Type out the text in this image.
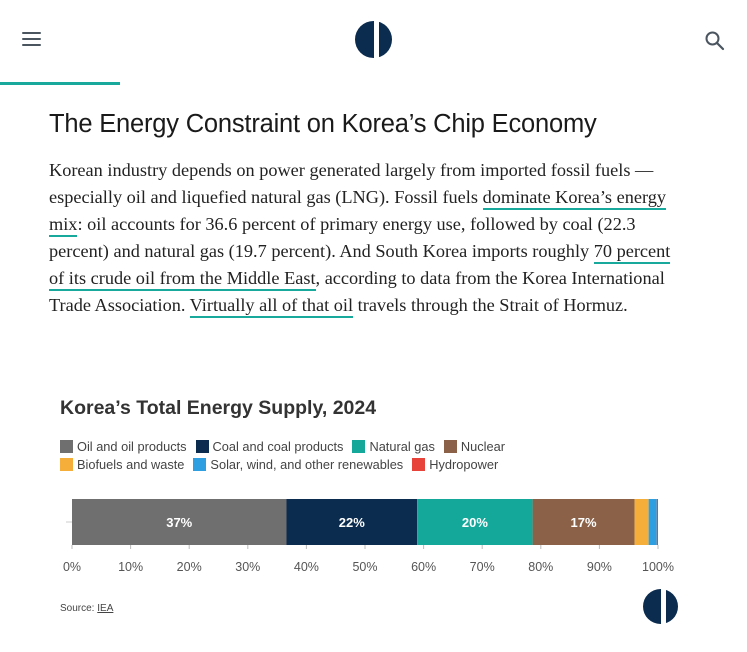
The Energy Constraint on Korea’s Chip Economy

Korean industry depends on power generated largely from imported fossil fuels —especially oil and liquefied natural gas (LNG). Fossil fuels dominate Korea’s energy mix: oil accounts for 36.6 percent of primary energy use, followed by coal (22.3 percent) and natural gas (19.7 percent). And South Korea imports roughly 70 percent of its crude oil from the Middle East, according to data from the Korea International Trade Association. Virtually all of that oil travels through the Strait of Hormuz.

Korea’s Total Energy Supply, 2024
Oil and oil products Coal and coal products Natural gas Nuclear
Biofuels and waste Solar, wind, and other renewables Hydropower
37%	22%	20%	17%
0%	10%	20%	30%	40%	50%	60%	70%	80%	90% 100%
Source: IEA
